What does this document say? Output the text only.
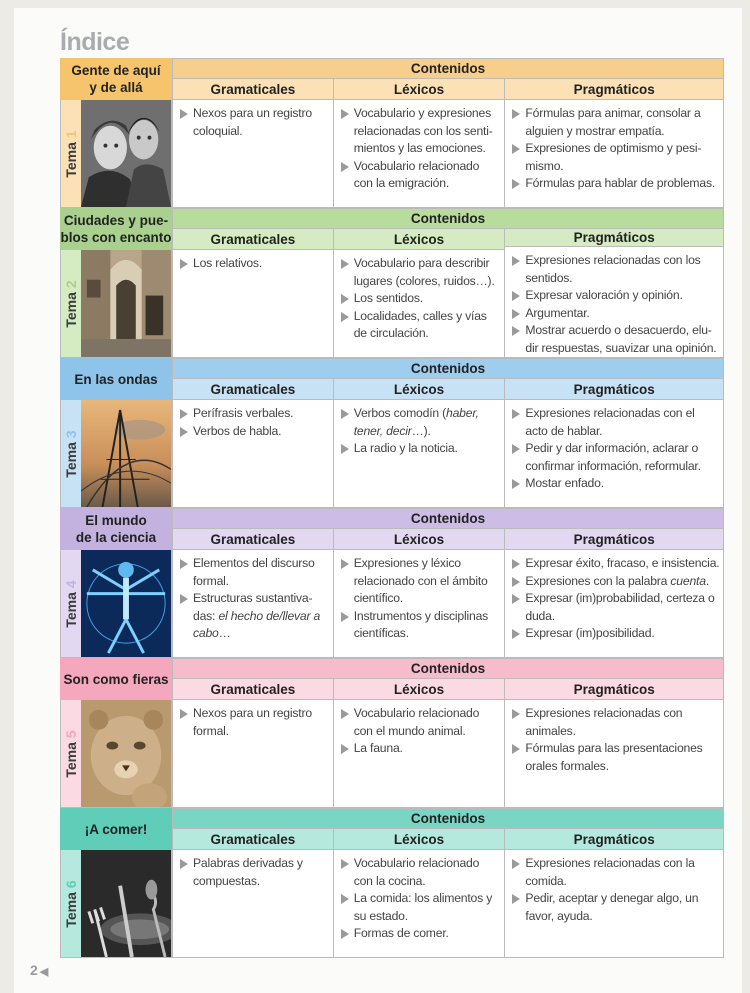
Índice
Gente de aquí
y de allá
Tema 1
Contenidos
Gramaticales
Nexos para un registro coloquial.
Léxicos
Vocabulario y expresiones relacionadas con los senti- mientos y las emociones.
Vocabulario relacionado con la emigración.
Pragmáticos
Fórmulas para animar, consolar a alguien y mostrar empatía.
Expresiones de optimismo y pesi- mismo.
Fórmulas para hablar de problemas.
Ciudades y pue-
blos con encanto
Tema 2
Contenidos
Gramaticales
Los relativos.
Léxicos
Vocabulario para describir lugares (colores, ruidos…).
Los sentidos.
Localidades, calles y vías de circulación.
Pragmáticos
Expresiones relacionadas con los sentidos.
Expresar valoración y opinión.
Argumentar.
Mostrar acuerdo o desacuerdo, elu- dir respuestas, suavizar una opinión.
En las ondas
Tema 3
Contenidos
Gramaticales
Perífrasis verbales.
Verbos de habla.
Léxicos
Verbos comodín (haber, tener, decir…).
La radio y la noticia.
Pragmáticos
Expresiones relacionadas con el acto de hablar.
Pedir y dar información, aclarar o confirmar información, reformular.
Mostar enfado.
El mundo
de la ciencia
Tema 4
Contenidos
Gramaticales
Elementos del discurso formal.
Estructuras sustantiva- das: el hecho de/llevar a cabo…
Léxicos
Expresiones y léxico relacionado con el ámbito científico.
Instrumentos y disciplinas científicas.
Pragmáticos
Expresar éxito, fracaso, e insistencia.
Expresiones con la palabra cuenta.
Expresar (im)probabilidad, certeza o duda.
Expresar (im)posibilidad.
Son como fieras
Tema 5
Contenidos
Gramaticales
Nexos para un registro formal.
Léxicos
Vocabulario relacionado con el mundo animal.
La fauna.
Pragmáticos
Expresiones relacionadas con animales.
Fórmulas para las presentaciones orales formales.
¡A comer!
Tema 6
Contenidos
Gramaticales
Palabras derivadas y compuestas.
Léxicos
Vocabulario relacionado con la cocina.
La comida: los alimentos y su estado.
Formas de comer.
Pragmáticos
Expresiones relacionadas con la comida.
Pedir, aceptar y denegar algo, un favor, ayuda.
2 ◀
